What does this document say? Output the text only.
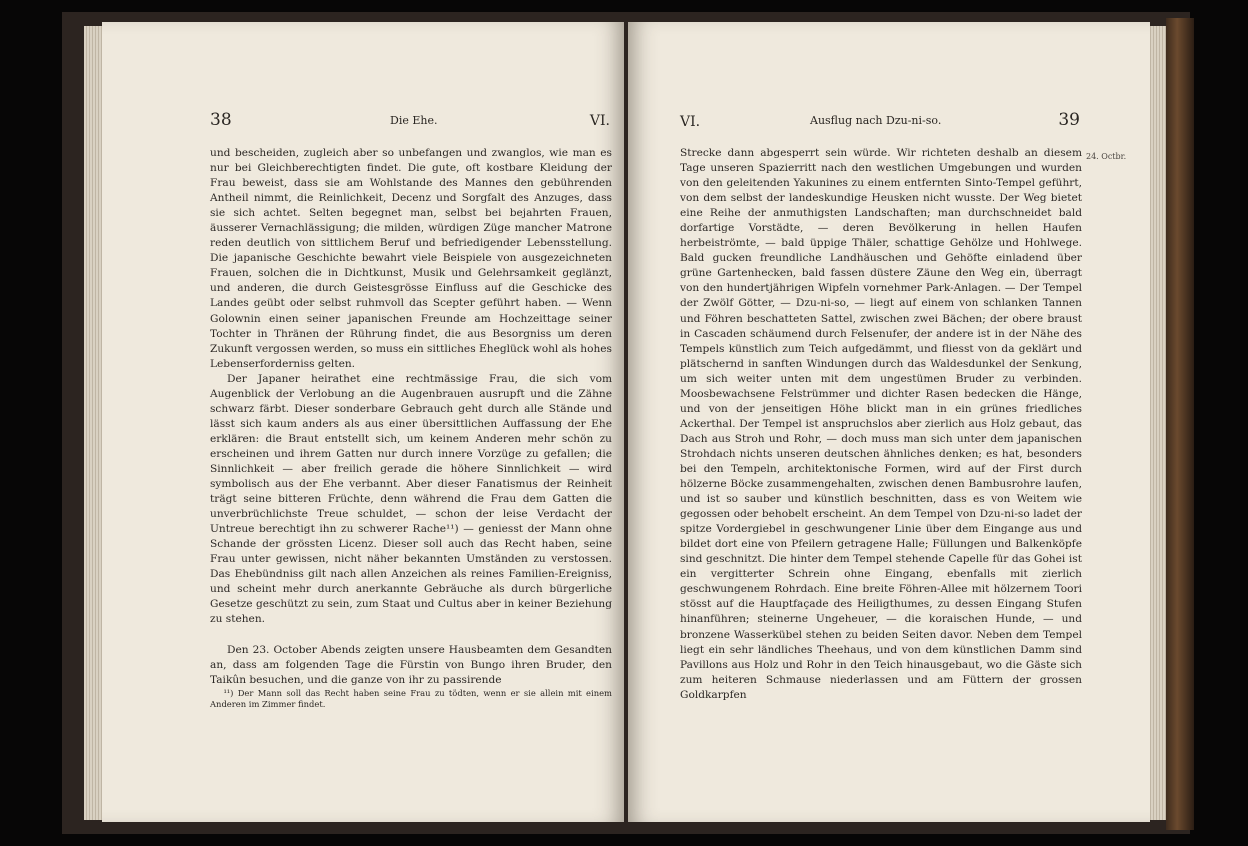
38	Die Ehe.	VI.

und bescheiden, zugleich aber so unbefangen und zwanglos, wie man es nur bei Gleichberechtigten findet. Die gute, oft kostbare Kleidung der Frau beweist, dass sie am Wohlstande des Mannes den gebührenden Antheil nimmt, die Reinlichkeit, Decenz und Sorgfalt des Anzuges, dass sie sich achtet. Selten begegnet man, selbst bei bejahrten Frauen, äusserer Vernachlässigung; die milden, würdigen Züge mancher Matrone reden deutlich von sittlichem Beruf und befriedigender Lebensstellung. Die japanische Geschichte bewahrt viele Beispiele von ausgezeichneten Frauen, solchen die in Dichtkunst, Musik und Gelehrsamkeit geglänzt, und anderen, die durch Geistesgrösse Einfluss auf die Geschicke des Landes geübt oder selbst ruhmvoll das Scepter geführt haben. — Wenn Golownin einen seiner japanischen Freunde am Hochzeittage seiner Tochter in Thränen der Rührung findet, die aus Besorgniss um deren Zukunft vergossen werden, so muss ein sittliches Eheglück wohl als hohes Lebenserforderniss gelten.

Der Japaner heirathet eine rechtmässige Frau, die sich vom Augenblick der Verlobung an die Augenbrauen ausrupft und die Zähne schwarz färbt. Dieser sonderbare Gebrauch geht durch alle Stände und lässt sich kaum anders als aus einer übersittlichen Auffassung der Ehe erklären: die Braut entstellt sich, um keinem Anderen mehr schön zu erscheinen und ihrem Gatten nur durch innere Vorzüge zu gefallen; die Sinnlichkeit — aber freilich gerade die höhere Sinnlichkeit — wird symbolisch aus der Ehe verbannt. Aber dieser Fanatismus der Reinheit trägt seine bitteren Früchte, denn während die Frau dem Gatten die unverbrüchlichste Treue schuldet, — schon der leise Verdacht der Untreue berechtigt ihn zu schwerer Rache¹¹) — geniesst der Mann ohne Schande der grössten Licenz. Dieser soll auch das Recht haben, seine Frau unter gewissen, nicht näher bekannten Umständen zu verstossen. Das Ehebündniss gilt nach allen Anzeichen als reines Familien-Ereigniss, und scheint mehr durch anerkannte Gebräuche als durch bürgerliche Gesetze geschützt zu sein, zum Staat und Cultus aber in keiner Beziehung zu stehen.

Den 23. October Abends zeigten unsere Hausbeamten dem Gesandten an, dass am folgenden Tage die Fürstin von Bungo ihren Bruder, den Taikûn besuchen, und die ganze von ihr zu passirende

¹¹) Der Mann soll das Recht haben seine Frau zu tödten, wenn er sie allein mit einem Anderen im Zimmer findet.

VI.	Ausflug nach Dzu-ni-so.	39
24. Octbr.

Strecke dann abgesperrt sein würde. Wir richteten deshalb an diesem Tage unseren Spazierritt nach den westlichen Umgebungen und wurden von den geleitenden Yakunines zu einem entfernten Sinto-Tempel geführt, von dem selbst der landeskundige Heusken nicht wusste. Der Weg bietet eine Reihe der anmuthigsten Landschaften; man durchschneidet bald dorfartige Vorstädte, — deren Bevölkerung in hellen Haufen herbeiströmte, — bald üppige Thäler, schattige Gehölze und Hohlwege. Bald gucken freundliche Landhäuschen und Gehöfte einladend über grüne Gartenhecken, bald fassen düstere Zäune den Weg ein, überragt von den hundertjährigen Wipfeln vornehmer Park-Anlagen. — Der Tempel der Zwölf Götter, — Dzu-ni-so, — liegt auf einem von schlanken Tannen und Föhren beschatteten Sattel, zwischen zwei Bächen; der obere braust in Cascaden schäumend durch Felsenufer, der andere ist in der Nähe des Tempels künstlich zum Teich aufgedämmt, und fliesst von da geklärt und plätschernd in sanften Windungen durch das Waldesdunkel der Senkung, um sich weiter unten mit dem ungestümen Bruder zu verbinden. Moosbewachsene Felstrümmer und dichter Rasen bedecken die Hänge, und von der jenseitigen Höhe blickt man in ein grünes friedliches Ackerthal. Der Tempel ist anspruchslos aber zierlich aus Holz gebaut, das Dach aus Stroh und Rohr, — doch muss man sich unter dem japanischen Strohdach nichts unseren deutschen ähnliches denken; es hat, besonders bei den Tempeln, architektonische Formen, wird auf der First durch hölzerne Böcke zusammengehalten, zwischen denen Bambusrohre laufen, und ist so sauber und künstlich beschnitten, dass es von Weitem wie gegossen oder behobelt erscheint. An dem Tempel von Dzu-ni-so ladet der spitze Vordergiebel in geschwungener Linie über dem Eingange aus und bildet dort eine von Pfeilern getragene Halle; Füllungen und Balkenköpfe sind geschnitzt. Die hinter dem Tempel stehende Capelle für das Gohei ist ein vergitterter Schrein ohne Eingang, ebenfalls mit zierlich geschwungenem Rohrdach. Eine breite Föhren-Allee mit hölzernem Toori stösst auf die Hauptfaçade des Heiligthumes, zu dessen Eingang Stufen hinanführen; steinerne Ungeheuer, — die koraischen Hunde, — und bronzene Wasserkübel stehen zu beiden Seiten davor. Neben dem Tempel liegt ein sehr ländliches Theehaus, und von dem künstlichen Damm sind Pavillons aus Holz und Rohr in den Teich hinausgebaut, wo die Gäste sich zum heiteren Schmause niederlassen und am Füttern der grossen Goldkarpfen
